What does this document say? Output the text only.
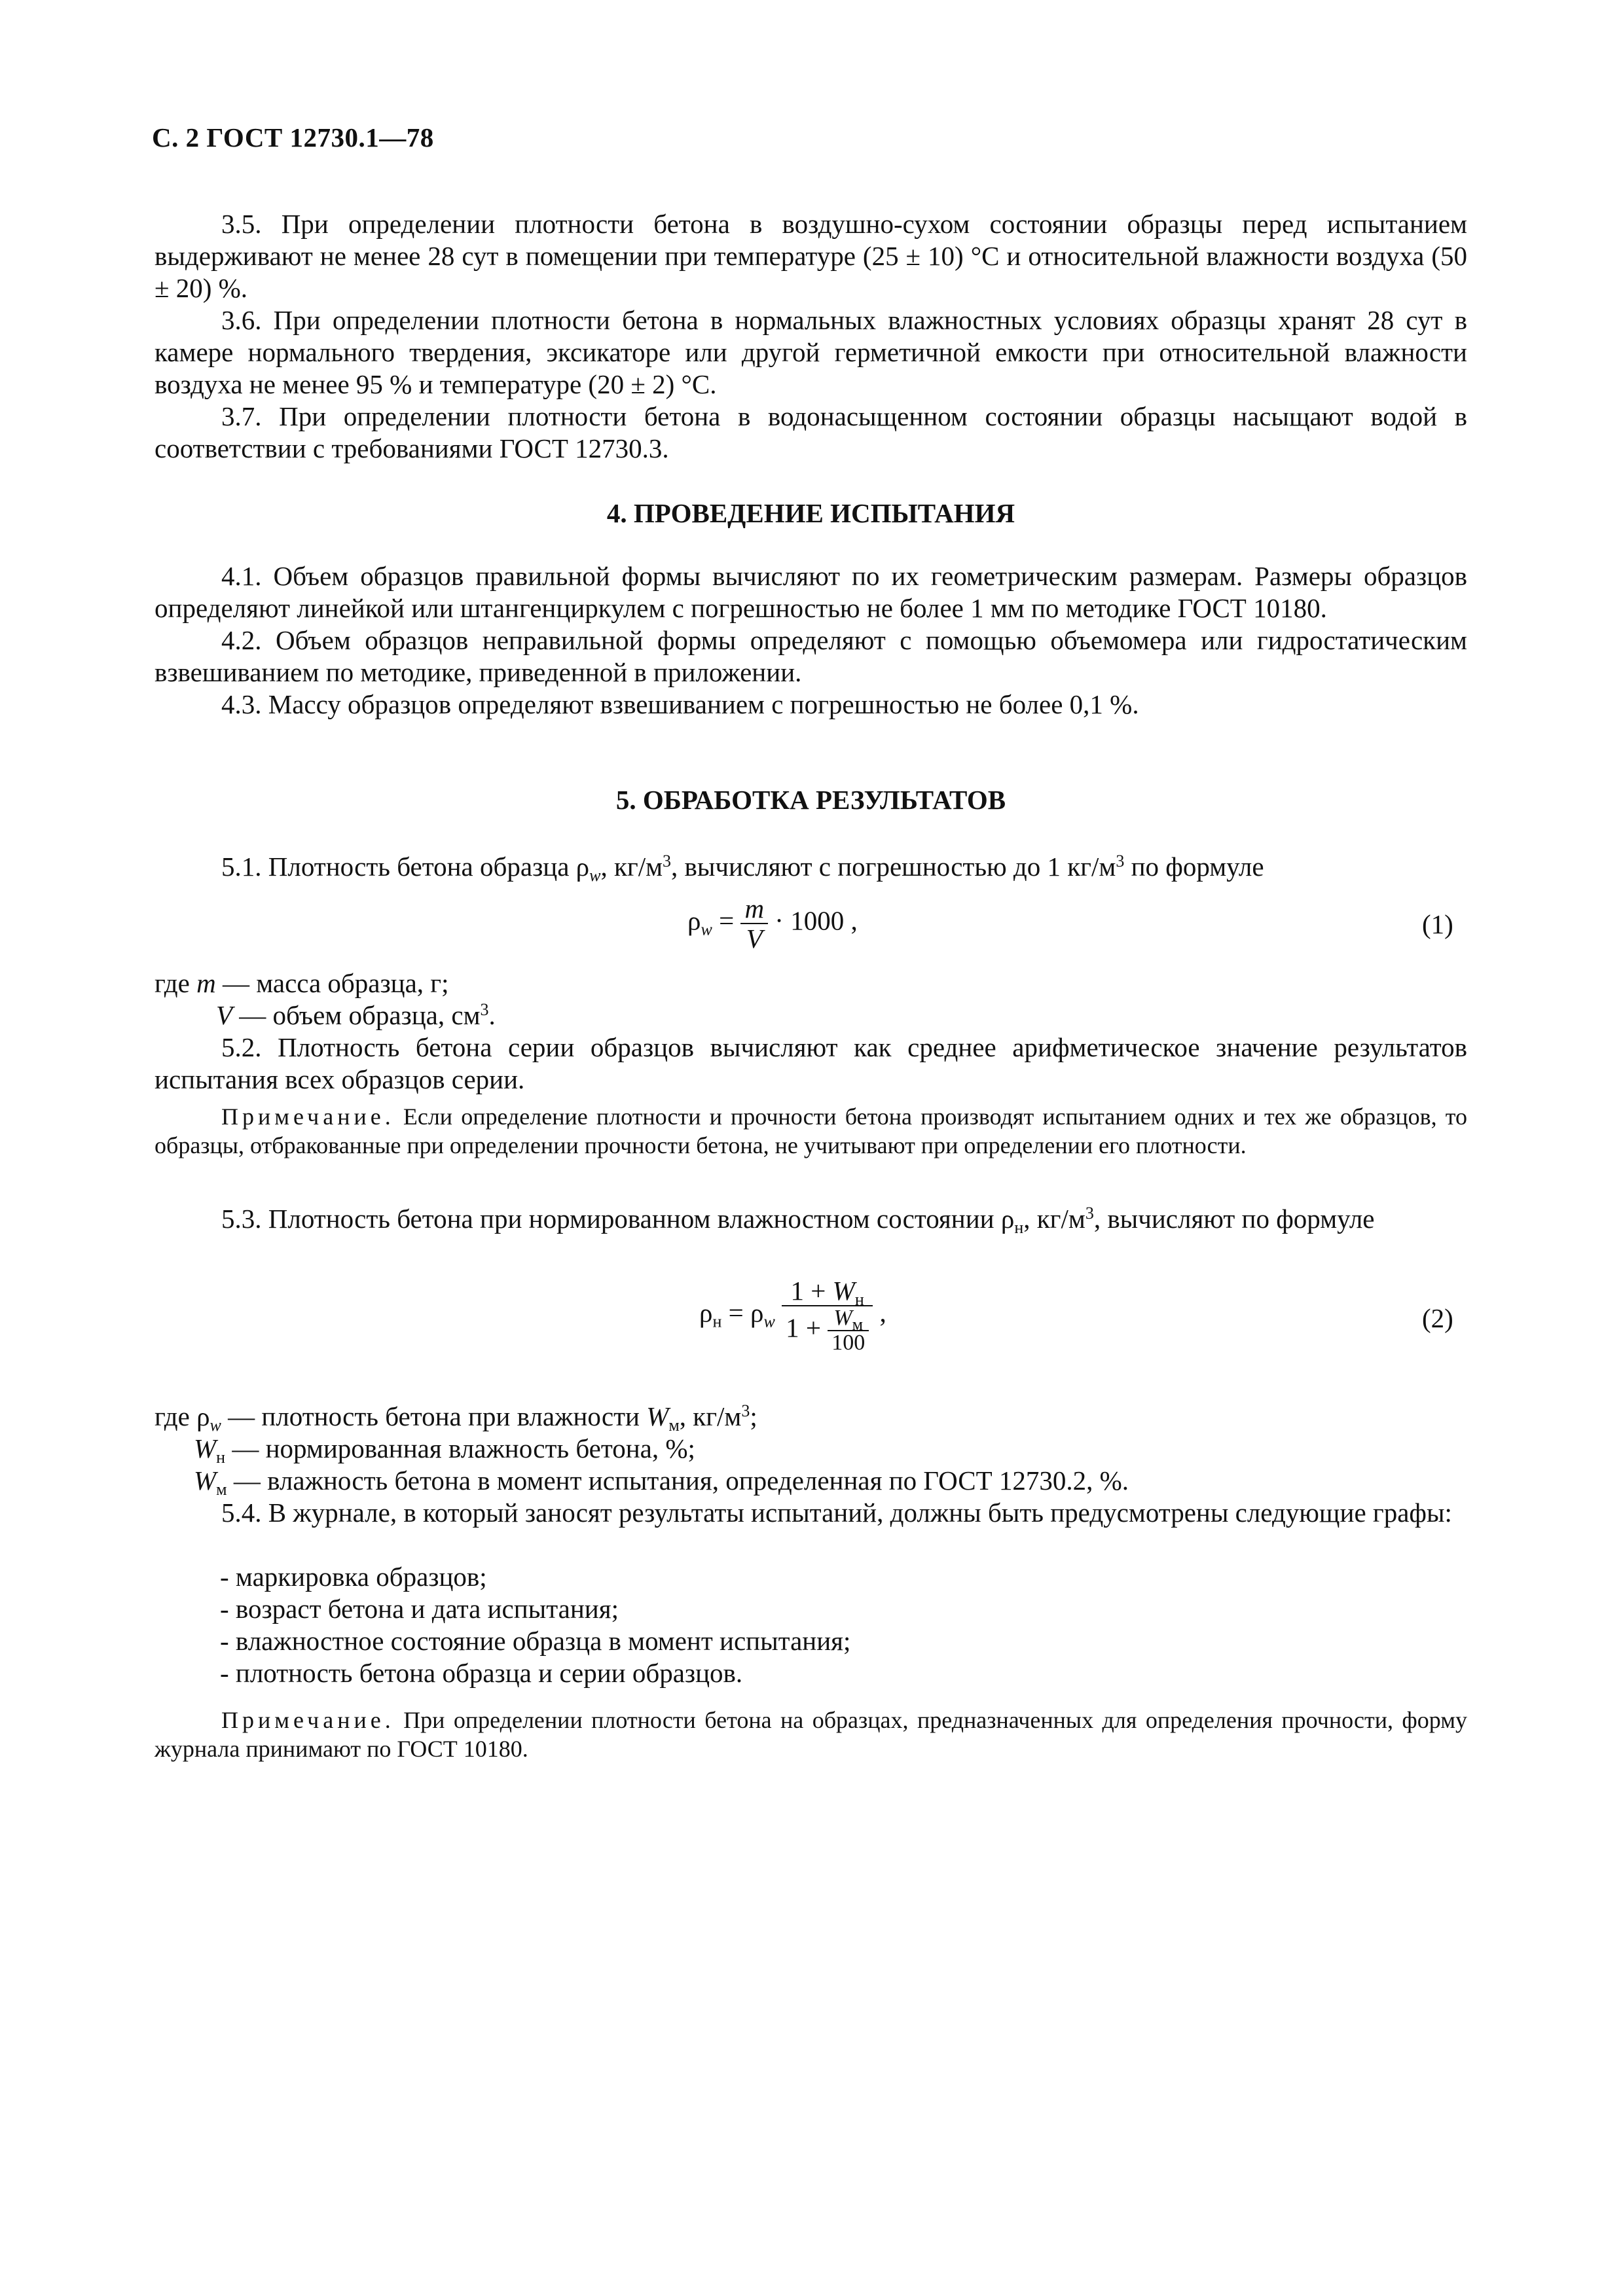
С. 2 ГОСТ 12730.1—78

3.5. При определении плотности бетона в воздушно-сухом состоянии образцы перед испытанием выдерживают не менее 28 сут в помещении при температуре (25 ± 10) °C и относительной влажности воздуха (50 ± 20) %.

3.6. При определении плотности бетона в нормальных влажностных условиях образцы хранят 28 сут в камере нормального твердения, эксикаторе или другой герметичной емкости при относительной влажности воздуха не менее 95 % и температуре (20 ± 2) °C.

3.7. При определении плотности бетона в водонасыщенном состоянии образцы насыщают водой в соответствии с требованиями ГОСТ 12730.3.

4. ПРОВЕДЕНИЕ ИСПЫТАНИЯ

4.1. Объем образцов правильной формы вычисляют по их геометрическим размерам. Размеры образцов определяют линейкой или штангенциркулем с погрешностью не более 1 мм по методике ГОСТ 10180.

4.2. Объем образцов неправильной формы определяют с помощью объемомера или гидростатическим взвешиванием по методике, приведенной в приложении.

4.3. Массу образцов определяют взвешиванием с погрешностью не более 0,1 %.

5. ОБРАБОТКА РЕЗУЛЬТАТОВ

5.1. Плотность бетона образца $\rho_w$, $кг/м^3$, вычисляют с погрешностью до 1 $кг/м^3$ по формуле

$\rho_w = \frac{m}{V} \cdot 1000$ ,	(1)
где m — масса образца, г;
V — объем образца, $см^3$.

5.2. Плотность бетона серии образцов вычисляют как среднее арифметическое значение результатов испытания всех образцов серии.

Примечание. Если определение плотности и прочности бетона производят испытанием одних и тех же образцов, то образцы, отбракованные при определении прочности бетона, не учитывают при определении его плотности.

5.3. Плотность бетона при нормированном влажностном состоянии $\rho_н$, $кг/м^3$, вычисляют по формуле

$\rho_н = \rho_w \frac{1 + W_н}{1 + \frac{W_м}{100}}$ ,	(2)
где $\rho_w$ — плотность бетона при влажности $W_м$, $кг/м^3$;
$W_н$ — нормированная влажность бетона, %;
$W_м$ — влажность бетона в момент испытания, определенная по ГОСТ 12730.2, %.

5.4. В журнале, в который заносят результаты испытаний, должны быть предусмотрены следующие графы:

- маркировка образцов;
- возраст бетона и дата испытания;
- влажностное состояние образца в момент испытания;
- плотность бетона образца и серии образцов.
Примечание. При определении плотности бетона на образцах, предназначенных для определения прочности, форму журнала принимают по ГОСТ 10180.
